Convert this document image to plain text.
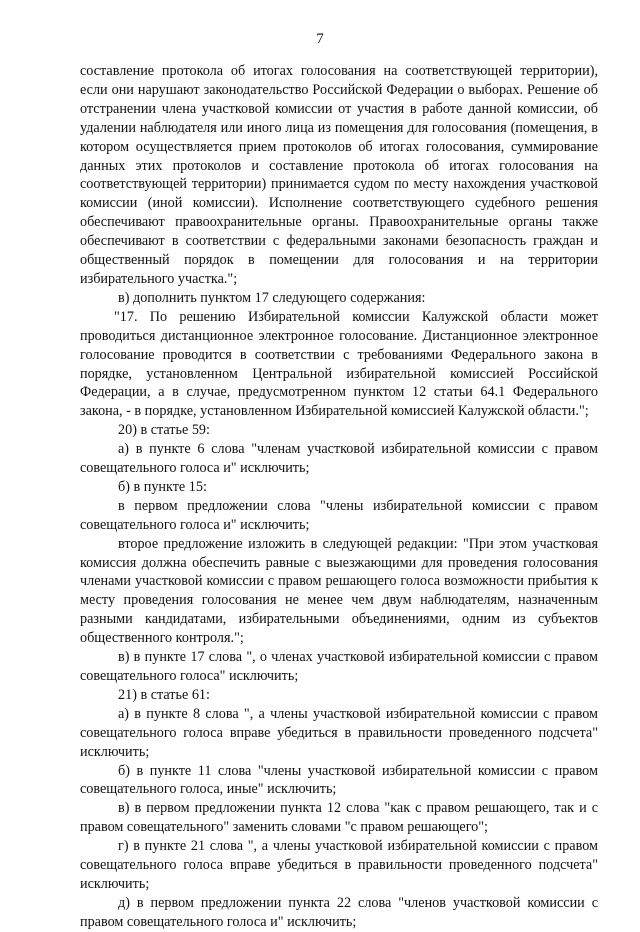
7

составление протокола об итогах голосования на соответствующей территории), если они нарушают законодательство Российской Федерации о выборах. Решение об отстранении члена участковой комиссии от участия в работе данной комиссии, об удалении наблюдателя или иного лица из помещения для голосования (помещения, в котором осуществляется прием протоколов об итогах голосования, суммирование данных этих протоколов и составление протокола об итогах голосования на соответствующей территории) принимается судом по месту нахождения участковой комиссии (иной комиссии). Исполнение соответствующего судебного решения обеспечивают правоохранительные органы. Правоохранительные органы также обеспечивают в соответствии с федеральными законами безопасность граждан и общественный порядок в помещении для голосования и на территории избирательного участка.";

в) дополнить пунктом 17 следующего содержания:

"17. По решению Избирательной комиссии Калужской области может проводиться дистанционное электронное голосование. Дистанционное электронное голосование проводится в соответствии с требованиями Федерального закона в порядке, установленном Центральной избирательной комиссией Российской Федерации, а в случае, предусмотренном пунктом 12 статьи 64.1 Федерального закона, - в порядке, установленном Избирательной комиссией Калужской области.";

20) в статье 59:

а) в пункте 6 слова "членам участковой избирательной комиссии с правом совещательного голоса и" исключить;

б) в пункте 15:

в первом предложении слова "члены избирательной комиссии с правом совещательного голоса и" исключить;

второе предложение изложить в следующей редакции: "При этом участковая комиссия должна обеспечить равные с выезжающими для проведения голосования членами участковой комиссии с правом решающего голоса возможности прибытия к месту проведения голосования не менее чем двум наблюдателям, назначенным разными кандидатами, избирательными объединениями, одним из субъектов общественного контроля.";

в) в пункте 17 слова ", о членах участковой избирательной комиссии с правом совещательного голоса" исключить;

21) в статье 61:

а) в пункте 8 слова ", а члены участковой избирательной комиссии с правом совещательного голоса вправе убедиться в правильности проведенного подсчета" исключить;

б) в пункте 11 слова "члены участковой избирательной комиссии с правом совещательного голоса, иные" исключить;

в) в первом предложении пункта 12 слова "как с правом решающего, так и с правом совещательного" заменить словами "с правом решающего";

г) в пункте 21 слова ", а члены участковой избирательной комиссии с правом совещательного голоса вправе убедиться в правильности проведенного подсчета" исключить;

д) в первом предложении пункта 22 слова "членов участковой комиссии с правом совещательного голоса и" исключить;
